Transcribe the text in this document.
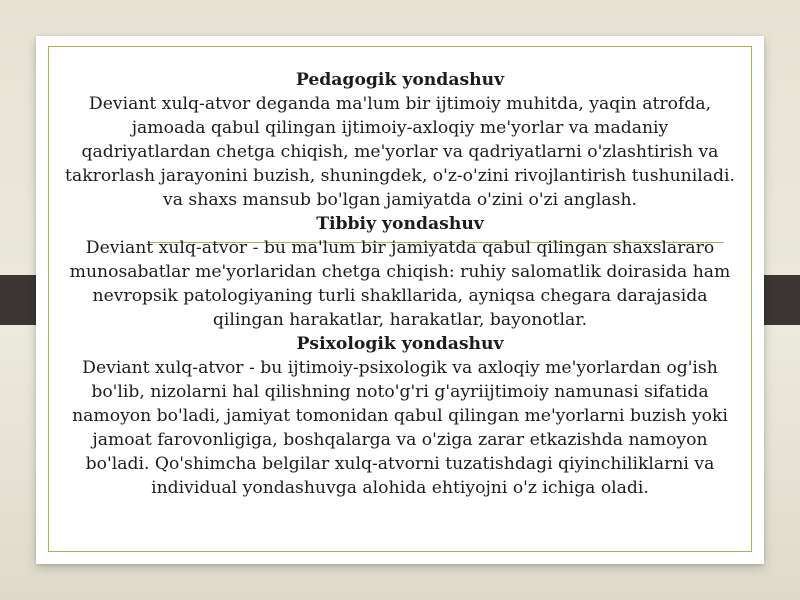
Pedagogik yondashuv

Deviant xulq-atvor deganda ma'lum bir ijtimoiy muhitda, yaqin atrofda,
jamoada qabul qilingan ijtimoiy-axloqiy me'yorlar va madaniy
qadriyatlardan chetga chiqish, me'yorlar va qadriyatlarni o'zlashtirish va
takrorlash jarayonini buzish, shuningdek, o'z-o'zini rivojlantirish tushuniladi.
va shaxs mansub bo'lgan jamiyatda o'zini o'zi anglash.

Tibbiy yondashuv

Deviant xulq-atvor - bu ma'lum bir jamiyatda qabul qilingan shaxslararo
munosabatlar me'yorlaridan chetga chiqish: ruhiy salomatlik doirasida ham
nevropsik patologiyaning turli shakllarida, ayniqsa chegara darajasida
qilingan harakatlar, harakatlar, bayonotlar.

Psixologik yondashuv

Deviant xulq-atvor - bu ijtimoiy-psixologik va axloqiy me'yorlardan og'ish
bo'lib, nizolarni hal qilishning noto'g'ri g'ayriijtimoiy namunasi sifatida
namoyon bo'ladi, jamiyat tomonidan qabul qilingan me'yorlarni buzish yoki
jamoat farovonligiga, boshqalarga va o'ziga zarar etkazishda namoyon
bo'ladi. Qo'shimcha belgilar xulq-atvorni tuzatishdagi qiyinchiliklarni va
individual yondashuvga alohida ehtiyojni o'z ichiga oladi.
